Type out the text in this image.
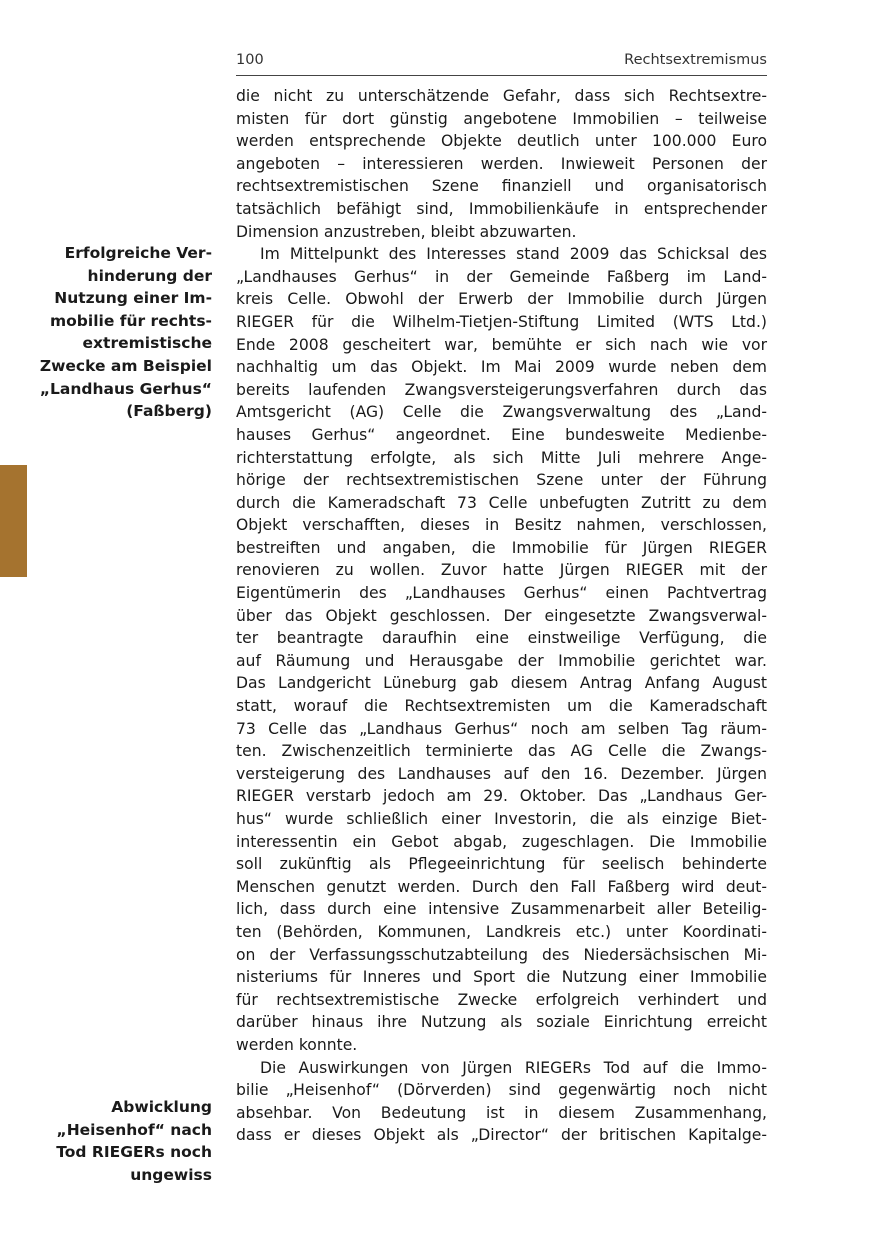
100	Rechtsextremismus
Erfolgreiche Ver-
hinderung der
Nutzung einer Im-
mobilie für rechts-
extremistische
Zwecke am Beispiel
„Landhaus Gerhus“
(Faßberg)
Abwicklung
„Heisenhof“ nach
Tod RIEGERs noch
ungewiss
die nicht zu unterschätzende Gefahr, dass sich Rechtsextre-
misten für dort günstig angebotene Immobilien – teilweise
werden entsprechende Objekte deutlich unter 100.000 Euro
angeboten – interessieren werden. Inwieweit Personen der
rechtsextremistischen Szene finanziell und organisatorisch
tatsächlich befähigt sind, Immobilienkäufe in entsprechender
Dimension anzustreben, bleibt abzuwarten.
Im Mittelpunkt des Interesses stand 2009 das Schicksal des
„Landhauses Gerhus“ in der Gemeinde Faßberg im Land-
kreis Celle. Obwohl der Erwerb der Immobilie durch Jürgen
RIEGER für die Wilhelm-Tietjen-Stiftung Limited (WTS Ltd.)
Ende 2008 gescheitert war, bemühte er sich nach wie vor
nachhaltig um das Objekt. Im Mai 2009 wurde neben dem
bereits laufenden Zwangsversteigerungsverfahren durch das
Amtsgericht (AG) Celle die Zwangsverwaltung des „Land-
hauses Gerhus“ angeordnet. Eine bundesweite Medienbe-
richterstattung erfolgte, als sich Mitte Juli mehrere Ange-
hörige der rechtsextremistischen Szene unter der Führung
durch die Kameradschaft 73 Celle unbefugten Zutritt zu dem
Objekt verschafften, dieses in Besitz nahmen, verschlossen,
bestreiften und angaben, die Immobilie für Jürgen RIEGER
renovieren zu wollen. Zuvor hatte Jürgen RIEGER mit der
Eigentümerin des „Landhauses Gerhus“ einen Pachtvertrag
über das Objekt geschlossen. Der eingesetzte Zwangsverwal-
ter beantragte daraufhin eine einstweilige Verfügung, die
auf Räumung und Herausgabe der Immobilie gerichtet war.
Das Landgericht Lüneburg gab diesem Antrag Anfang August
statt, worauf die Rechtsextremisten um die Kameradschaft
73 Celle das „Landhaus Gerhus“ noch am selben Tag räum-
ten. Zwischenzeitlich terminierte das AG Celle die Zwangs-
versteigerung des Landhauses auf den 16. Dezember. Jürgen
RIEGER verstarb jedoch am 29. Oktober. Das „Landhaus Ger-
hus“ wurde schließlich einer Investorin, die als einzige Biet-
interessentin ein Gebot abgab, zugeschlagen. Die Immobilie
soll zukünftig als Pflegeeinrichtung für seelisch behinderte
Menschen genutzt werden. Durch den Fall Faßberg wird deut-
lich, dass durch eine intensive Zusammenarbeit aller Beteilig-
ten (Behörden, Kommunen, Landkreis etc.) unter Koordinati-
on der Verfassungsschutzabteilung des Niedersächsischen Mi-
nisteriums für Inneres und Sport die Nutzung einer Immobilie
für rechtsextremistische Zwecke erfolgreich verhindert und
darüber hinaus ihre Nutzung als soziale Einrichtung erreicht
werden konnte.
Die Auswirkungen von Jürgen RIEGERs Tod auf die Immo-
bilie „Heisenhof“ (Dörverden) sind gegenwärtig noch nicht
absehbar. Von Bedeutung ist in diesem Zusammenhang,
dass er dieses Objekt als „Director“ der britischen Kapitalge-
